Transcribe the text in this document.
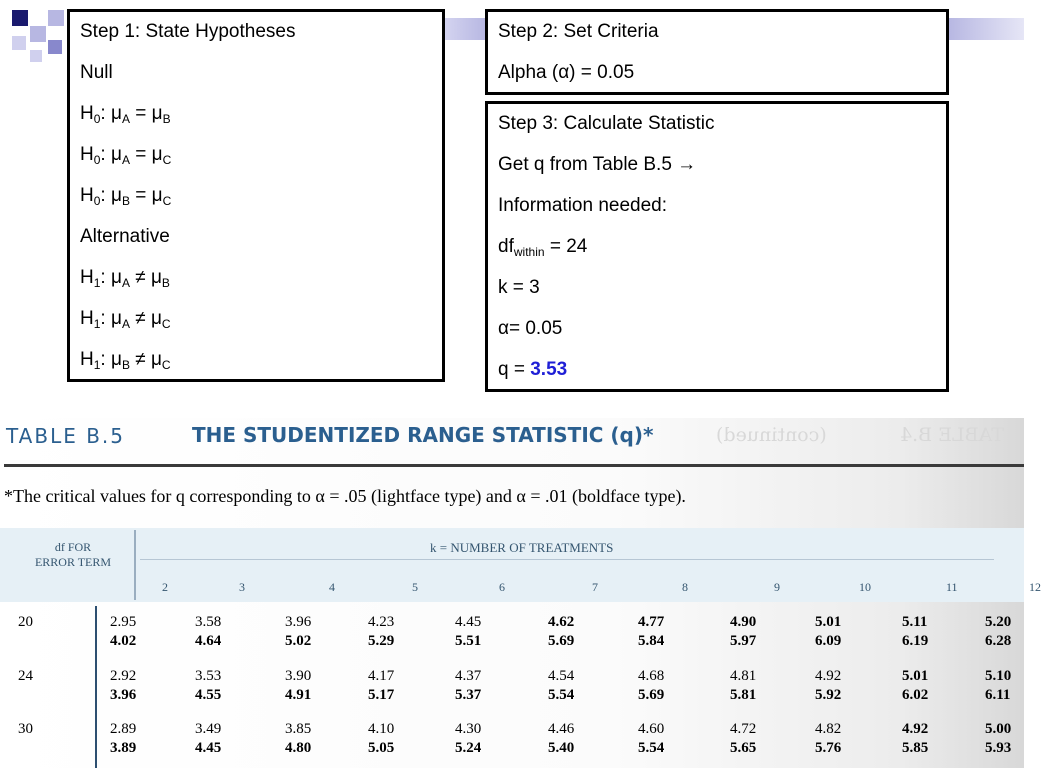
Step 1: State Hypotheses
Null
$H_0$: $\mu_A = \mu_B$
$H_0$: $\mu_A = \mu_C$
$H_0$: $\mu_B = \mu_C$
Alternative
$H_1$: $\mu_A \ne \mu_B$
$H_1$: $\mu_A \ne \mu_C$
$H_1$: $\mu_B \ne \mu_C$
Step 2: Set Criteria
Alpha (α) = 0.05
Step 3: Calculate Statistic
Get q from Table B.5 →
Information needed:
$df_{within} = 24$
k = 3
α= 0.05
q = 3.53
TABLE B.5	THE STUDENTIZED RANGE STATISTIC (q)*	(continued)	TABLE B.4
*The critical values for q corresponding to α = .05 (lightface type) and α = .01 (boldface type).
df FOR
ERROR TERM
k = NUMBER OF TREATMENTS
2	3	4	5	6	7	8	9	10	11	12
20	2.95	3.58	3.96	4.23	4.45	4.62	4.77	4.90	5.01	5.11	5.20
4.02	4.64	5.02	5.29	5.51	5.69	5.84	5.97	6.09	6.19	6.28
24	2.92	3.53	3.90	4.17	4.37	4.54	4.68	4.81	4.92	5.01	5.10
3.96	4.55	4.91	5.17	5.37	5.54	5.69	5.81	5.92	6.02	6.11
30	2.89	3.49	3.85	4.10	4.30	4.46	4.60	4.72	4.82	4.92	5.00
3.89	4.45	4.80	5.05	5.24	5.40	5.54	5.65	5.76	5.85	5.93
